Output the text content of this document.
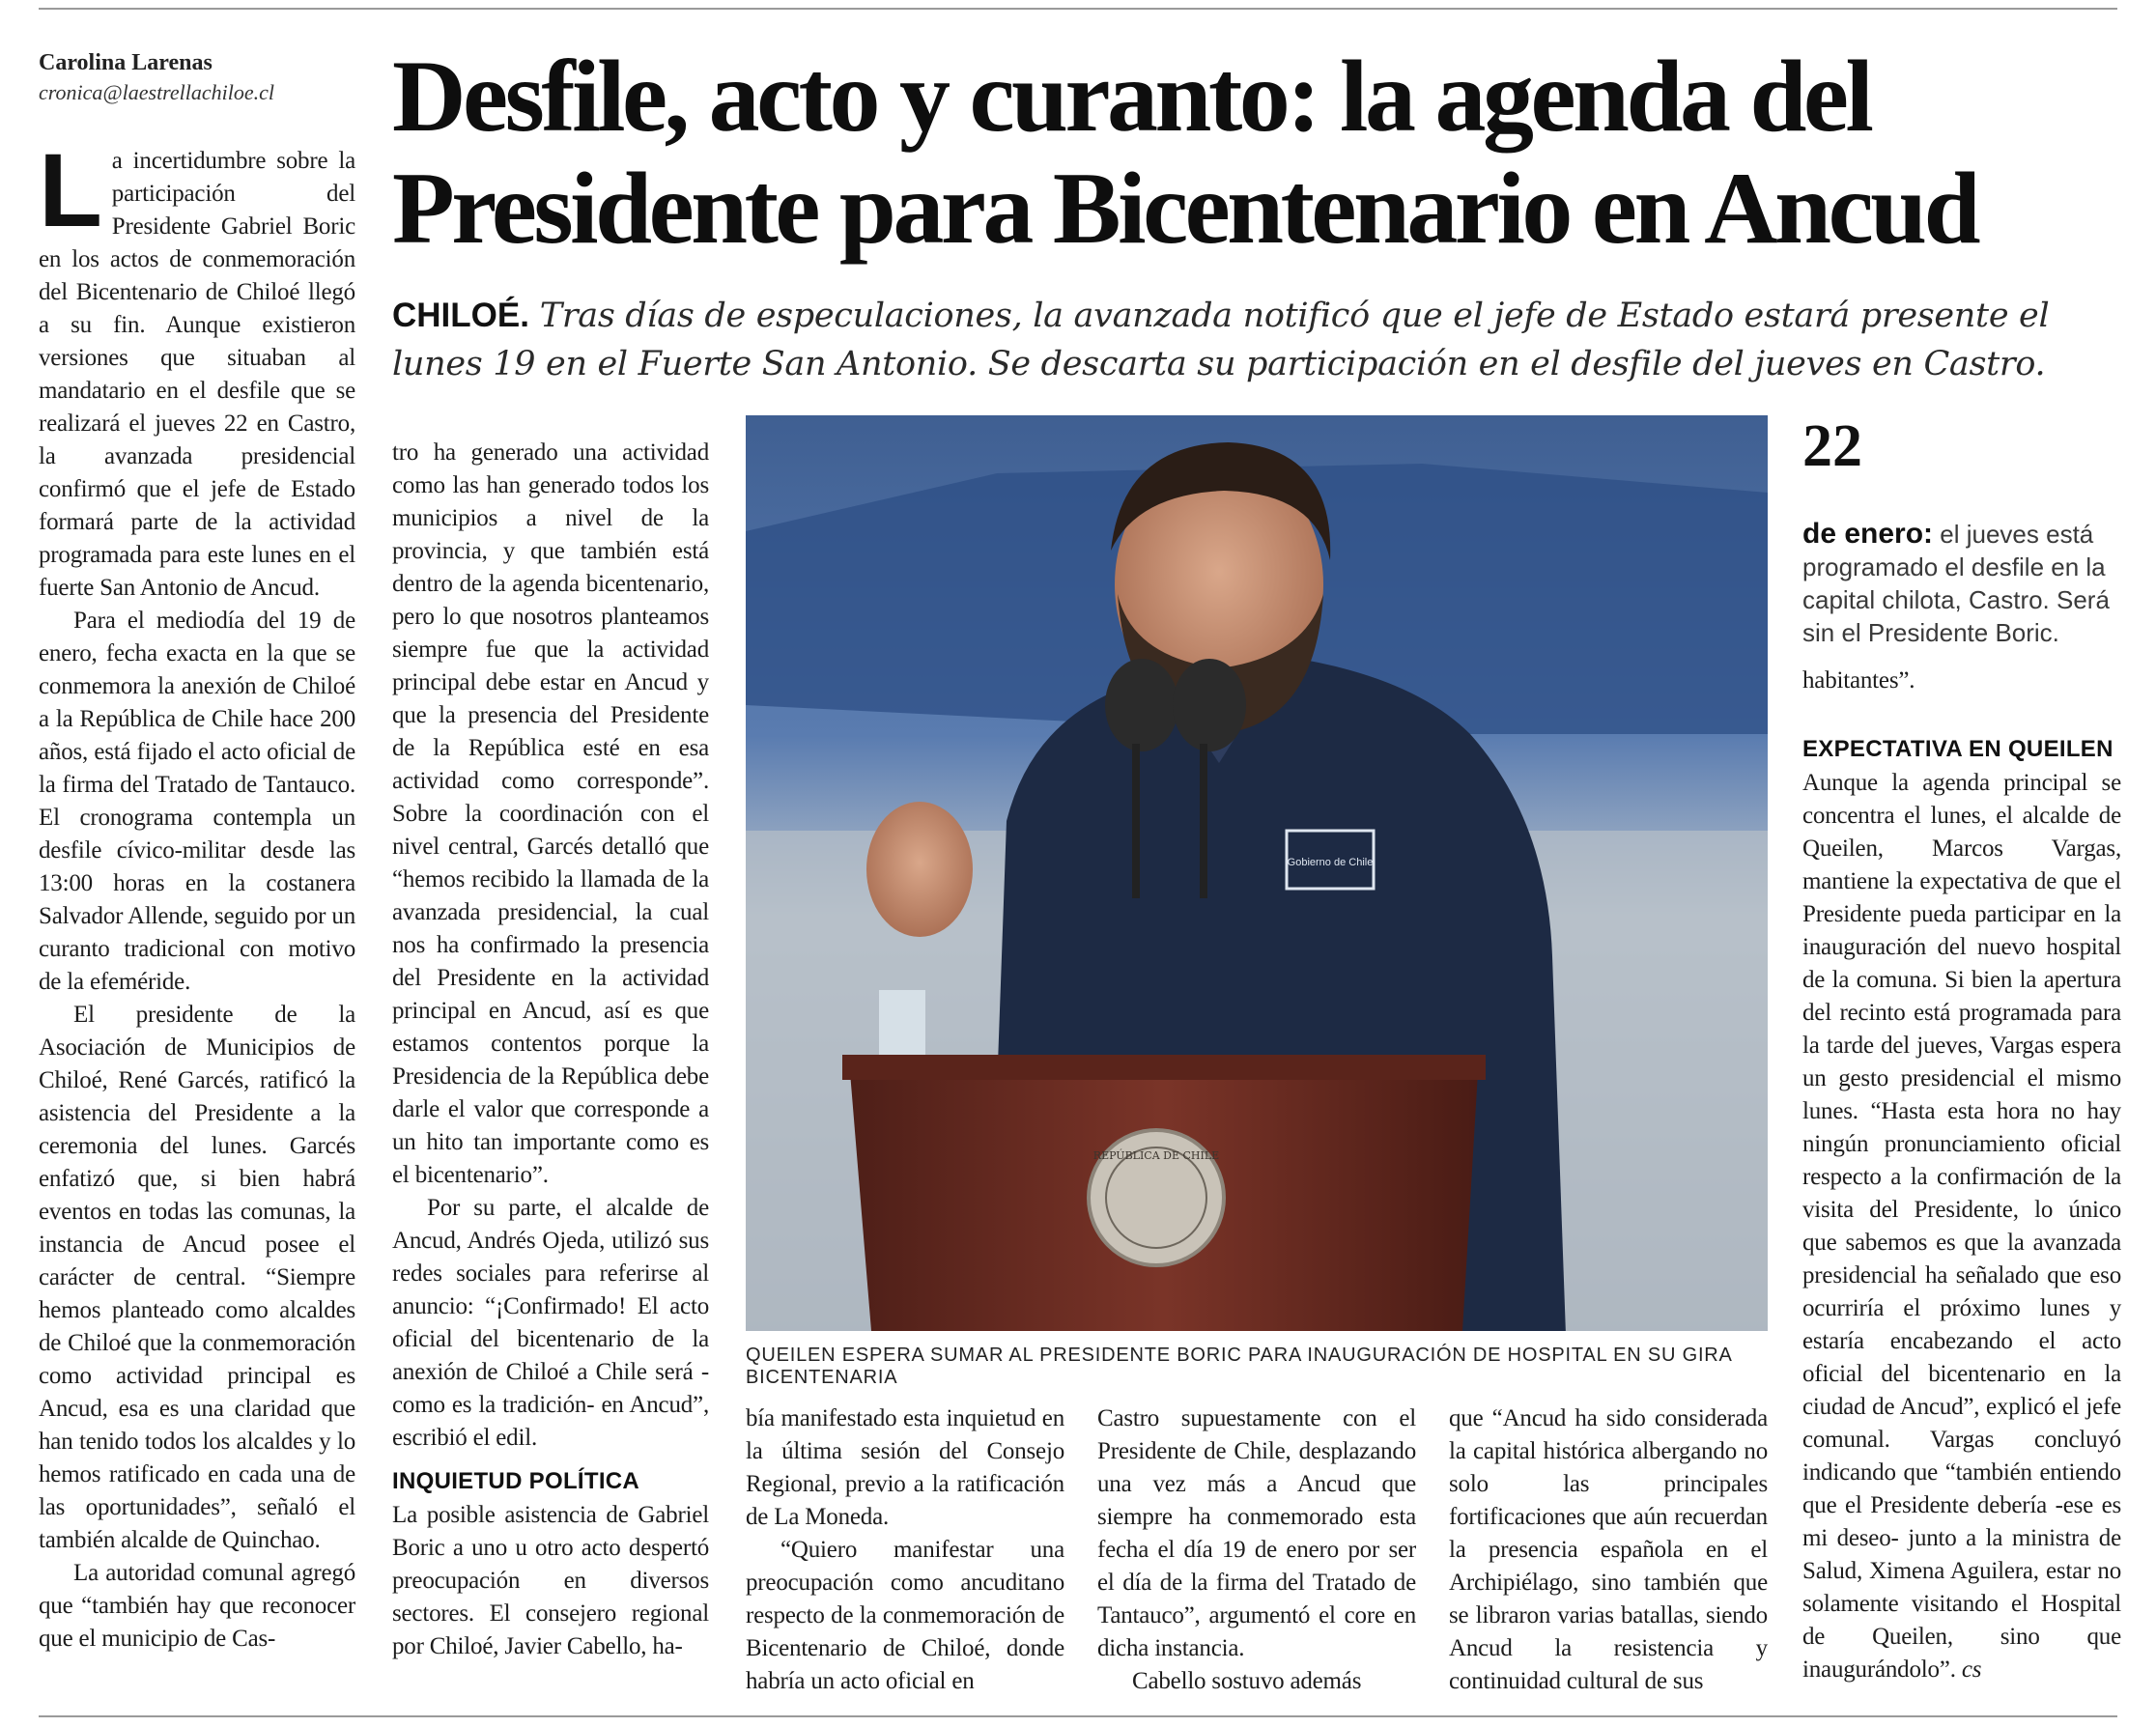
Carolina Larenas
cronica@laestrellachiloe.cl	Desfile, acto y curanto: la agenda del
Presidente para Bicentenario en Ancud

CHILOÉ. Tras días de especulaciones, la avanzada notificó que el jefe de Estado estará presente el lunes 19 en el Fuerte San Antonio. Se descarta su participación en el desfile del jueves en Castro.

La incertidumbre sobre la participación del Presidente Gabriel Boric en los actos de conmemoración del Bicentenario de Chiloé llegó a su fin. Aunque existieron versiones que situaban al mandatario en el desfile que se realizará el jueves 22 en Castro, la avanzada presidencial confirmó que el jefe de Estado formará parte de la actividad programada para este lunes en el fuerte San Antonio de Ancud.

Para el mediodía del 19 de enero, fecha exacta en la que se conmemora la anexión de Chiloé a la República de Chile hace 200 años, está fijado el acto oficial de la firma del Tratado de Tantauco. El cronograma contempla un desfile cívico-militar desde las 13:00 horas en la costanera Salvador Allende, seguido por un curanto tradicional con motivo de la efeméride.

El presidente de la Asociación de Municipios de Chiloé, René Garcés, ratificó la asistencia del Presidente a la ceremonia del lunes. Garcés enfatizó que, si bien habrá eventos en todas las comunas, la instancia de Ancud posee el carácter de central. “Siempre hemos planteado como alcaldes de Chiloé que la conmemoración como actividad principal es Ancud, esa es una claridad que han tenido todos los alcaldes y lo hemos ratificado en cada una de las oportunidades”, señaló el también alcalde de Quinchao.

La autoridad comunal agregó que “también hay que reconocer que el municipio de Cas-

tro ha generado una actividad como las han generado todos los municipios a nivel de la provincia, y que también está dentro de la agenda bicentenario, pero lo que nosotros planteamos siempre fue que la actividad principal debe estar en Ancud y que la presencia del Presidente de la República esté en esa actividad como corresponde”. Sobre la coordinación con el nivel central, Garcés detalló que “hemos recibido la llamada de la avanzada presidencial, la cual nos ha confirmado la presencia del Presidente en la actividad principal en Ancud, así es que estamos contentos porque la Presidencia de la República debe darle el valor que corresponde a un hito tan importante como es el bicentenario”.

Por su parte, el alcalde de Ancud, Andrés Ojeda, utilizó sus redes sociales para referirse al anuncio: “¡Confirmado! El acto oficial del bicentenario de la anexión de Chiloé a Chile será -como es la tradición- en Ancud”, escribió el edil.

INQUIETUD POLÍTICA

La posible asistencia de Gabriel Boric a uno u otro acto despertó preocupación en diversos sectores. El consejero regional por Chiloé, Javier Cabello, ha-

Gobierno de Chile
REPÚBLICA DE CHILE
QUEILEN ESPERA SUMAR AL PRESIDENTE BORIC PARA INAUGURACIÓN DE HOSPITAL EN SU GIRA BICENTENARIA

bía manifestado esta inquietud en la última sesión del Consejo Regional, previo a la ratificación de La Moneda.

“Quiero manifestar una preocupación como ancuditano respecto de la conmemoración de Bicentenario de Chiloé, donde habría un acto oficial en

Castro supuestamente con el Presidente de Chile, desplazando una vez más a Ancud que siempre ha conmemorado esta fecha el día 19 de enero por ser el día de la firma del Tratado de Tantauco”, argumentó el core en dicha instancia.

Cabello sostuvo además

que “Ancud ha sido considerada la capital histórica albergando no solo las principales fortificaciones que aún recuerdan la presencia española en el Archipiélago, sino también que se libraron varias batallas, siendo Ancud la resistencia y continuidad cultural de sus

22
de enero: el jueves está programado el desfile en la capital chilota, Castro. Será sin el Presidente Boric.

habitantes”.

EXPECTATIVA EN QUEILEN

Aunque la agenda principal se concentra el lunes, el alcalde de Queilen, Marcos Vargas, mantiene la expectativa de que el Presidente pueda participar en la inauguración del nuevo hospital de la comuna. Si bien la apertura del recinto está programada para la tarde del jueves, Vargas espera un gesto presidencial el mismo lunes. “Hasta esta hora no hay ningún pronunciamiento oficial respecto a la confirmación de la visita del Presidente, lo único que sabemos es que la avanzada presidencial ha señalado que eso ocurriría el próximo lunes y estaría encabezando el acto oficial del bicentenario en la ciudad de Ancud”, explicó el jefe comunal. Vargas concluyó indicando que “también entiendo que el Presidente debería -ese es mi deseo- junto a la ministra de Salud, Ximena Aguilera, estar no solamente visitando el Hospital de Queilen, sino que inaugurándolo”. cs
